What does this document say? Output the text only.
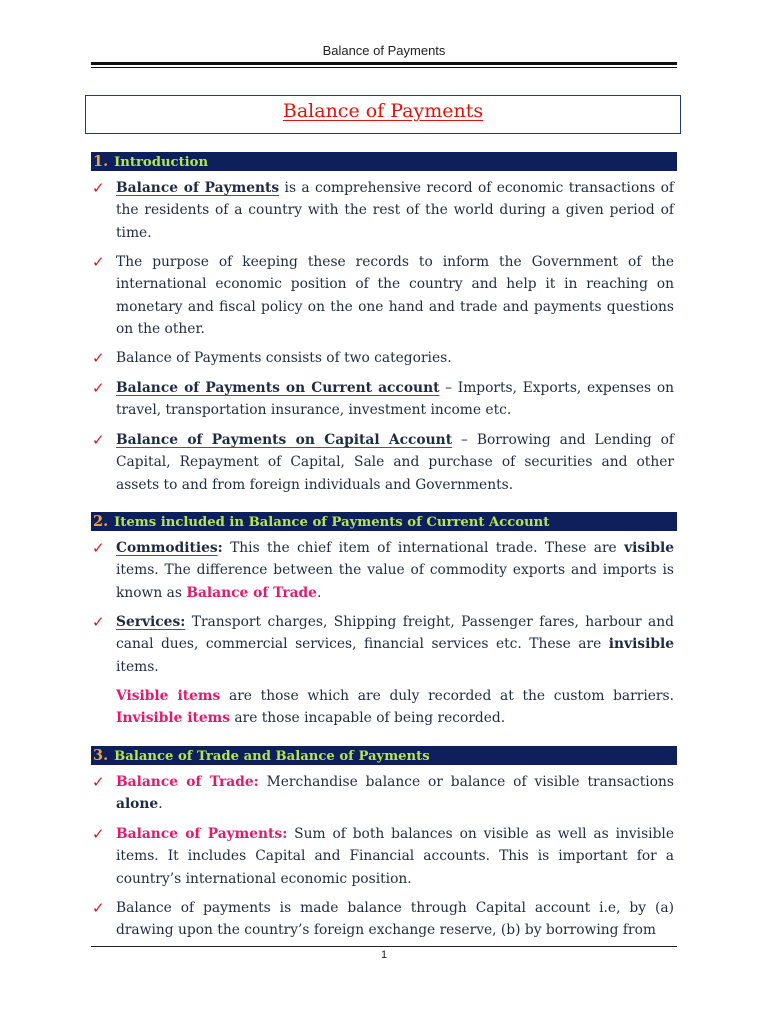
Balance of Payments
Balance of Payments
1. Introduction
✓ Balance of Payments is a comprehensive record of economic transactions of the residents of a country with the rest of the world during a given period of time.
✓ The purpose of keeping these records to inform the Government of the international economic position of the country and help it in reaching on monetary and fiscal policy on the one hand and trade and payments questions on the other.
✓ Balance of Payments consists of two categories.
✓ Balance of Payments on Current account – Imports, Exports, expenses on travel, transportation insurance, investment income etc.
✓ Balance of Payments on Capital Account – Borrowing and Lending of Capital, Repayment of Capital, Sale and purchase of securities and other assets to and from foreign individuals and Governments.
2. Items included in Balance of Payments of Current Account
✓ Commodities: This the chief item of international trade. These are visible items. The difference between the value of commodity exports and imports is known as Balance of Trade.
✓ Services: Transport charges, Shipping freight, Passenger fares, harbour and canal dues, commercial services, financial services etc. These are invisible items.
Visible items are those which are duly recorded at the custom barriers. Invisible items are those incapable of being recorded.
3. Balance of Trade and Balance of Payments
✓ Balance of Trade: Merchandise balance or balance of visible transactions alone.
✓ Balance of Payments: Sum of both balances on visible as well as invisible items. It includes Capital and Financial accounts. This is important for a country’s international economic position.
✓ Balance of payments is made balance through Capital account i.e, by (a) drawing upon the country’s foreign exchange reserve, (b) by borrowing from
1
